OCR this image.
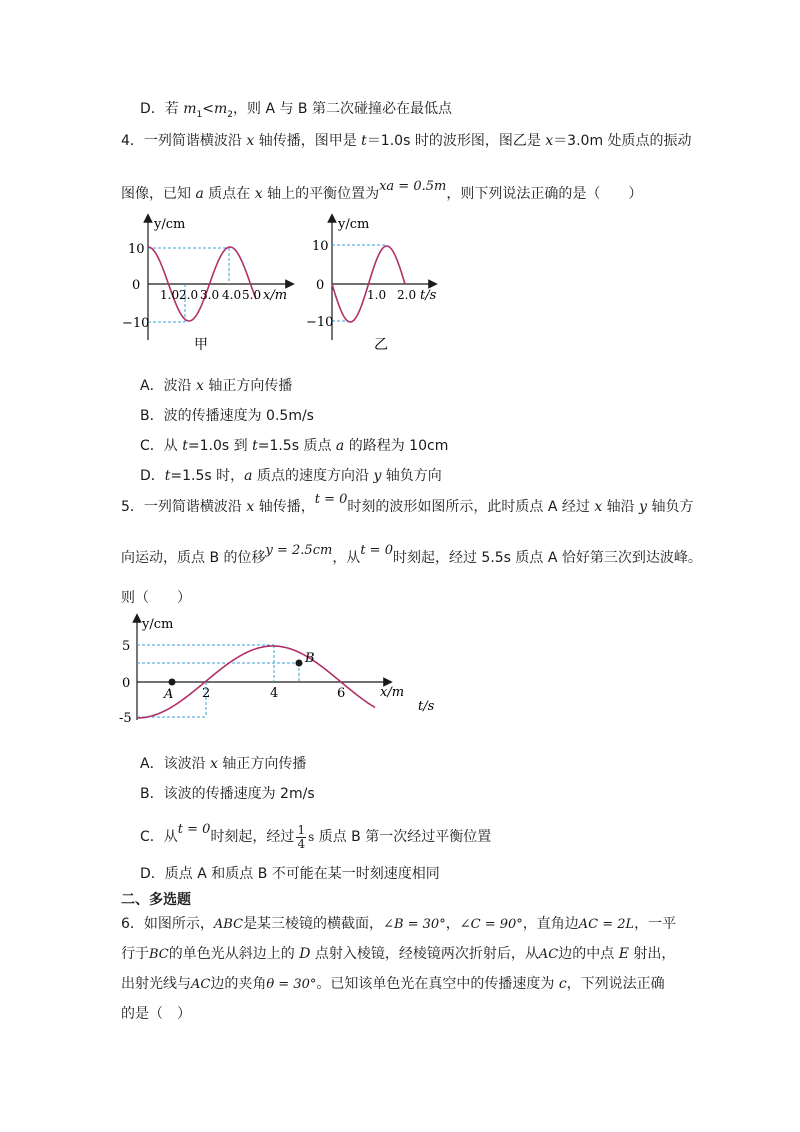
D．若 $m_1<m_2$，则 A 与 B 第二次碰撞必在最低点
4．一列简谐横波沿 x 轴传播，图甲是 t＝1.0s 时的波形图，图乙是 x＝3.0m 处质点的振动
图像，已知 a 质点在 x 轴上的平衡位置为xa = 0.5m，则下列说法正确的是（　　）
y/cm
10
0
−10
1.0 2.0 3.0 4.0 5.0 x/m
甲
y/cm
10
0
−10
1.0 2.0 t/s
乙
A．波沿 x 轴正方向传播
B．波的传播速度为 0.5m/s
C．从 t=1.0s 到 t=1.5s 质点 a 的路程为 10cm
D．t=1.5s 时，a 质点的速度方向沿 y 轴负方向
5．一列简谐横波沿 x 轴传播，t = 0时刻的波形如图所示，此时质点 A 经过 x 轴沿 y 轴负方
向运动，质点 B 的位移y = 2.5cm，从t = 0时刻起，经过 5.5s 质点 A 恰好第三次到达波峰。
则（　　）
y/cm
5
0
-5
2	4	6
A
B
x/m
t/s
A．该波沿 x 轴正方向传播
B．该波的传播速度为 2m/s
C．从t = 0时刻起，经过 $\frac{1}{4}$ s 质点 B 第一次经过平衡位置
D．质点 A 和质点 B 不可能在某一时刻速度相同
二、多选题
6．如图所示，ABC是某三棱镜的横截面，∠B = 30°，∠C = 90°，直角边AC = 2L，一平
行于BC的单色光从斜边上的 D 点射入棱镜，经棱镜两次折射后，从AC边的中点 E 射出，
出射光线与AC边的夹角θ = 30°。已知该单色光在真空中的传播速度为 c，下列说法正确
的是（　）
